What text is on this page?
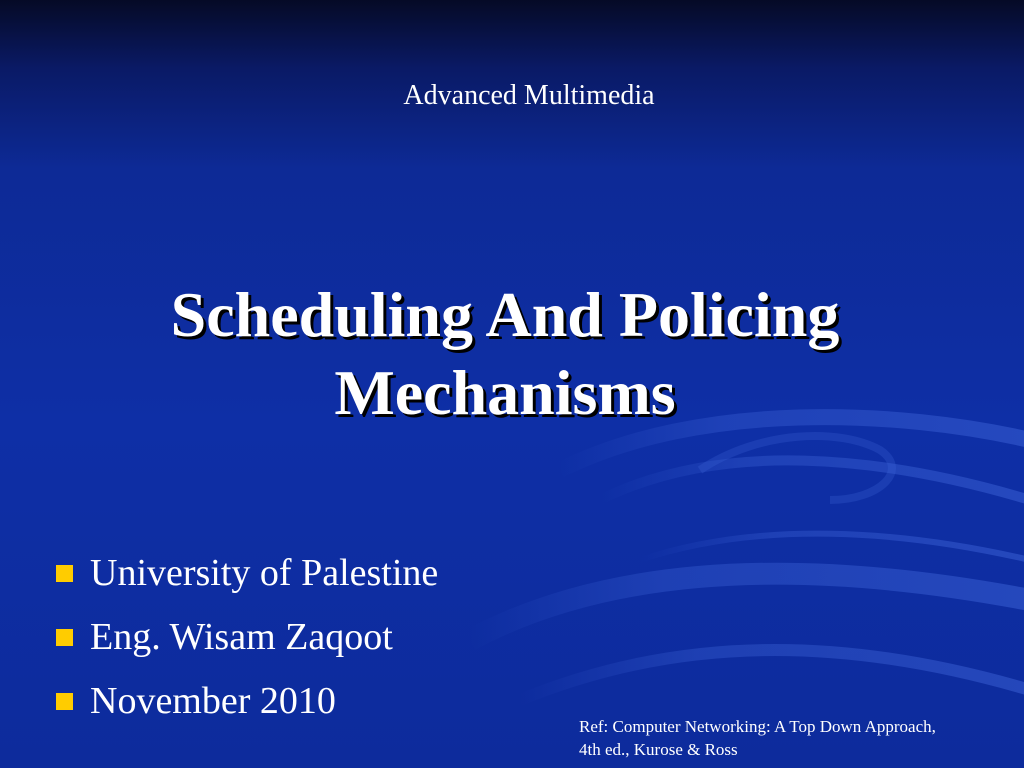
Advanced Multimedia
Scheduling And Policing
Mechanisms
University of Palestine
Eng. Wisam Zaqoot
November 2010
Ref: Computer Networking: A Top Down Approach,
4th ed., Kurose & Ross
